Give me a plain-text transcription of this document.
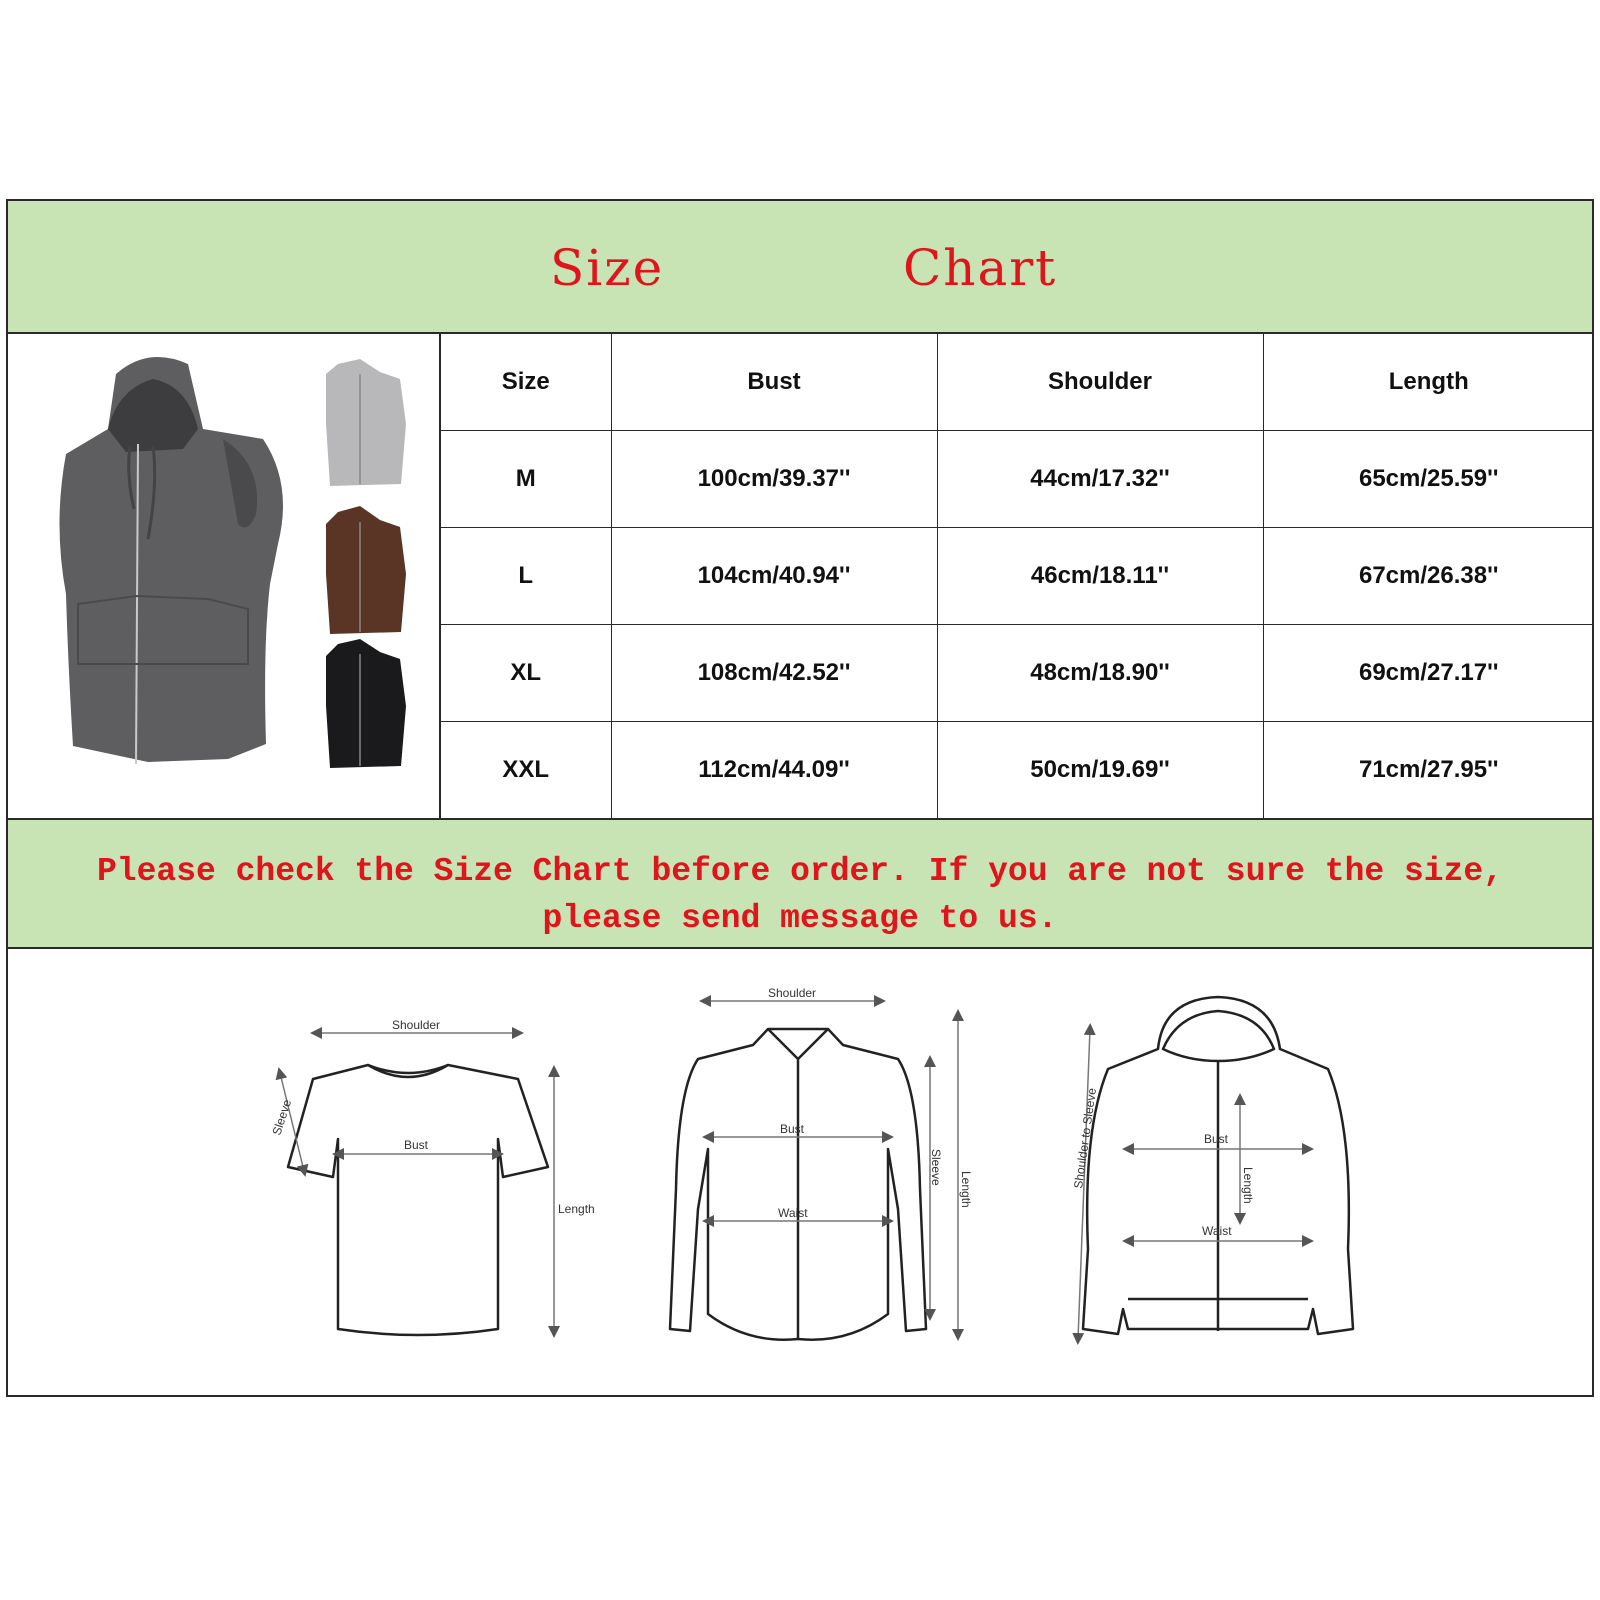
Size	Chart
Size	Bust	Shoulder	Length
M	100cm/39.37''	44cm/17.32''	65cm/25.59''
L	104cm/40.94''	46cm/18.11''	67cm/26.38''
XL	108cm/42.52''	48cm/18.90''	69cm/27.17''
XXL	112cm/44.09''	50cm/19.69''	71cm/27.95''
Please check the Size Chart before order. If you are not sure the size,
please send message to us.
Shoulder
Sleeve
Bust
Length
Shoulder
Bust
Waist
Sleeve
Length	Shoulder to Sleeve	Bust
Length
Waist
